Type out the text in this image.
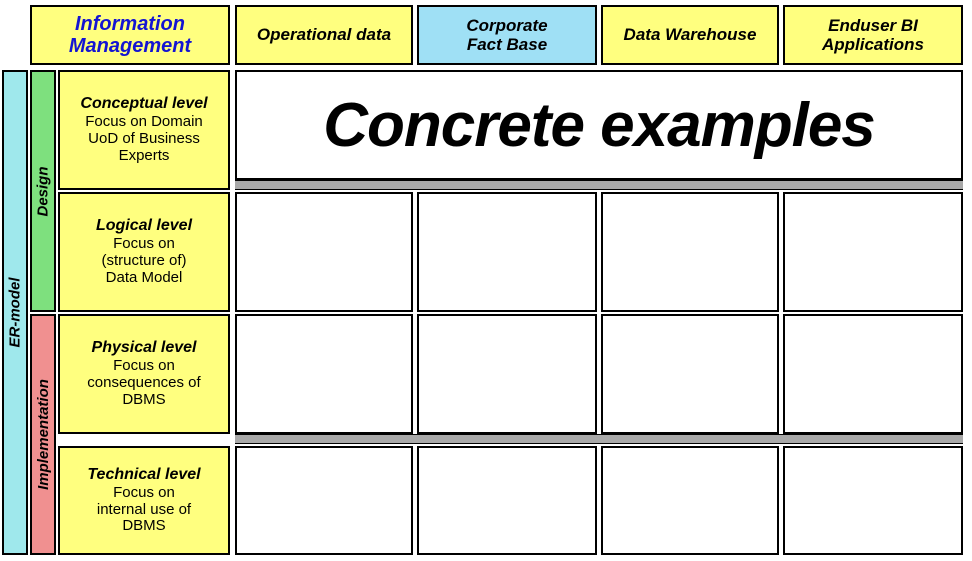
Information
Management
Operational data
Corporate
Fact Base
Data Warehouse
Enduser BI
Applications
ER-model
Design
Implementation
Conceptual level
Focus on Domain
UoD of Business
Experts Concrete examples
Logical level
Focus on
(structure of)
Data Model
Physical level
Focus on
consequences of
DBMS
Technical level
Focus on
internal use of
DBMS
